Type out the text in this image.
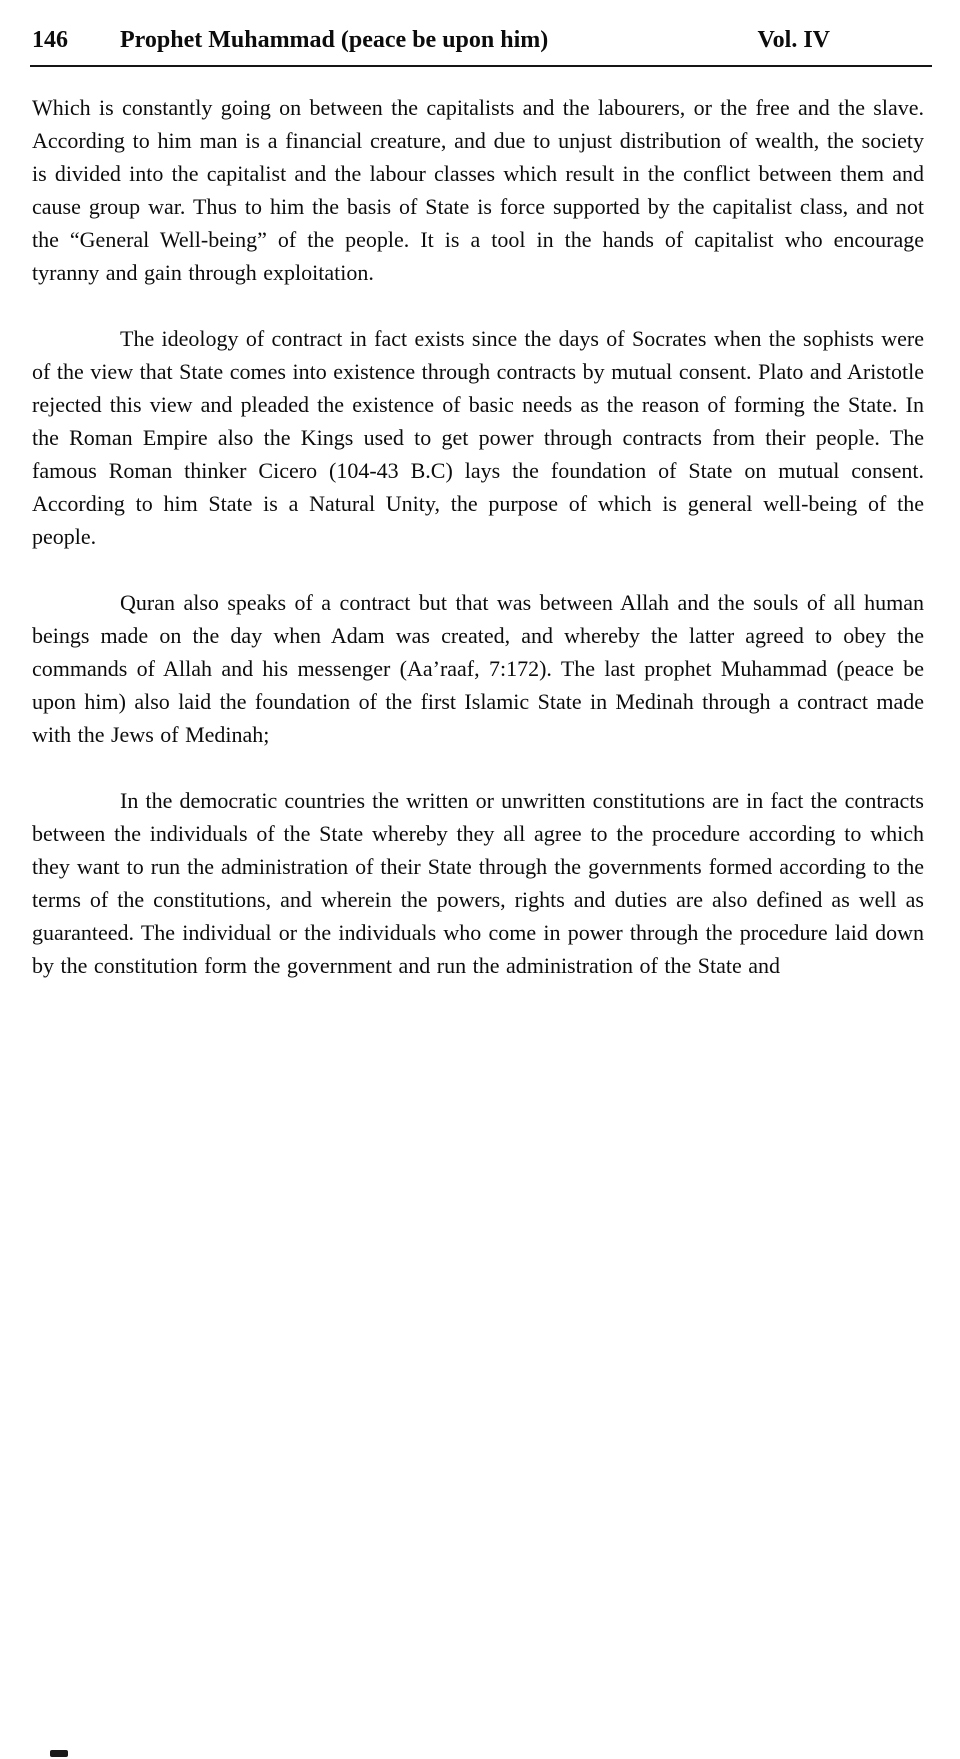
146	Prophet Muhammad (peace be upon him)	Vol. IV

Which is constantly going on between the capitalists and the labourers, or the free and the slave. According to him man is a financial creature, and due to unjust distribution of wealth, the society is divided into the capitalist and the labour classes which result in the conflict between them and cause group war. Thus to him the basis of State is force supported by the capitalist class, and not the “General Well-being” of the people. It is a tool in the hands of capitalist who encourage tyranny and gain through exploitation.

The ideology of contract in fact exists since the days of Socrates when the sophists were of the view that State comes into existence through contracts by mutual consent. Plato and Aristotle rejected this view and pleaded the existence of basic needs as the reason of forming the State. In the Roman Empire also the Kings used to get power through contracts from their people. The famous Roman thinker Cicero (104-43 B.C) lays the foundation of State on mutual consent. According to him State is a Natural Unity, the purpose of which is general well-being of the people.

Quran also speaks of a contract but that was between Allah and the souls of all human beings made on the day when Adam was created, and whereby the latter agreed to obey the commands of Allah and his messenger (Aa’raaf, 7:172). The last prophet Muhammad (peace be upon him) also laid the foundation of the first Islamic State in Medinah through a contract made with the Jews of Medinah;

In the democratic countries the written or unwritten constitutions are in fact the contracts between the individuals of the State whereby they all agree to the procedure according to which they want to run the administration of their State through the governments formed according to the terms of the constitutions, and wherein the powers, rights and duties are also defined as well as guaranteed. The individual or the individuals who come in power through the procedure laid down by the constitution form the government and run the administration of the State and
